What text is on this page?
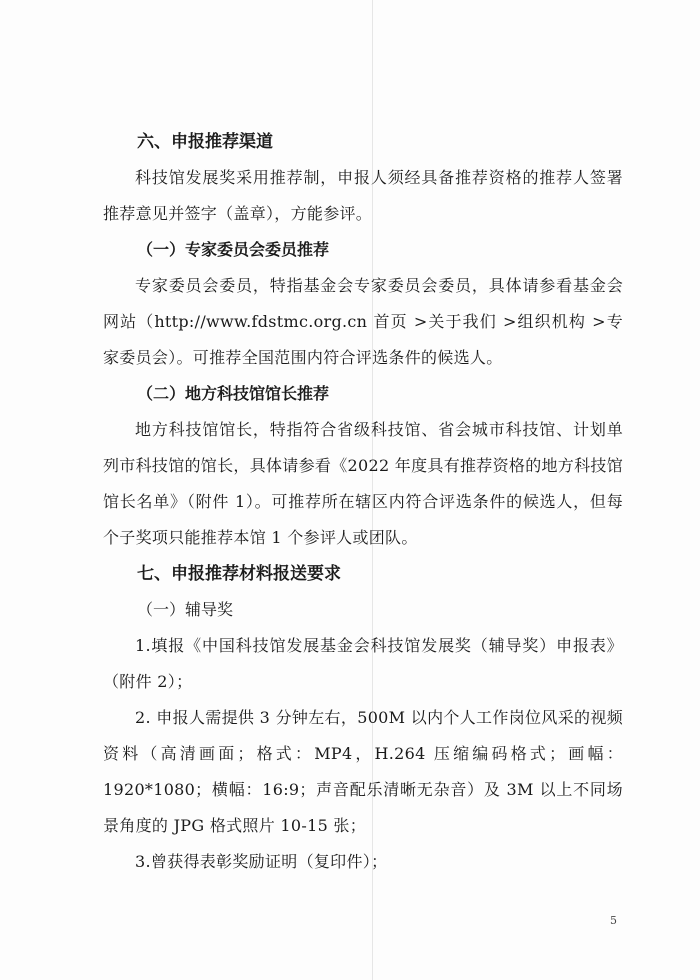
六、申报推荐渠道

科技馆发展奖采用推荐制，申报人须经具备推荐资格的推荐人签署推荐意见并签字（盖章），方能参评。

（一）专家委员会委员推荐

专家委员会委员，特指基金会专家委员会委员，具体请参看基金会网站（http://www.fdstmc.org.cn 首页 >关于我们 >组织机构 >专家委员会）。可推荐全国范围内符合评选条件的候选人。

（二）地方科技馆馆长推荐

地方科技馆馆长，特指符合省级科技馆、省会城市科技馆、计划单列市科技馆的馆长，具体请参看《2022 年度具有推荐资格的地方科技馆馆长名单》（附件 1）。可推荐所在辖区内符合评选条件的候选人，但每个子奖项只能推荐本馆 1 个参评人或团队。

七、申报推荐材料报送要求
（一）辅导奖

1.填报《中国科技馆发展基金会科技馆发展奖（辅导奖）申报表》（附件 2）；

2. 申报人需提供 3 分钟左右，500M 以内个人工作岗位风采的视频资料（高清画面；格式：MP4，H.264 压缩编码格式；画幅：1920*1080；横幅：16:9；声音配乐清晰无杂音）及 3M 以上不同场景角度的 JPG 格式照片 10-15 张；

3.曾获得表彰奖励证明（复印件）；

5
